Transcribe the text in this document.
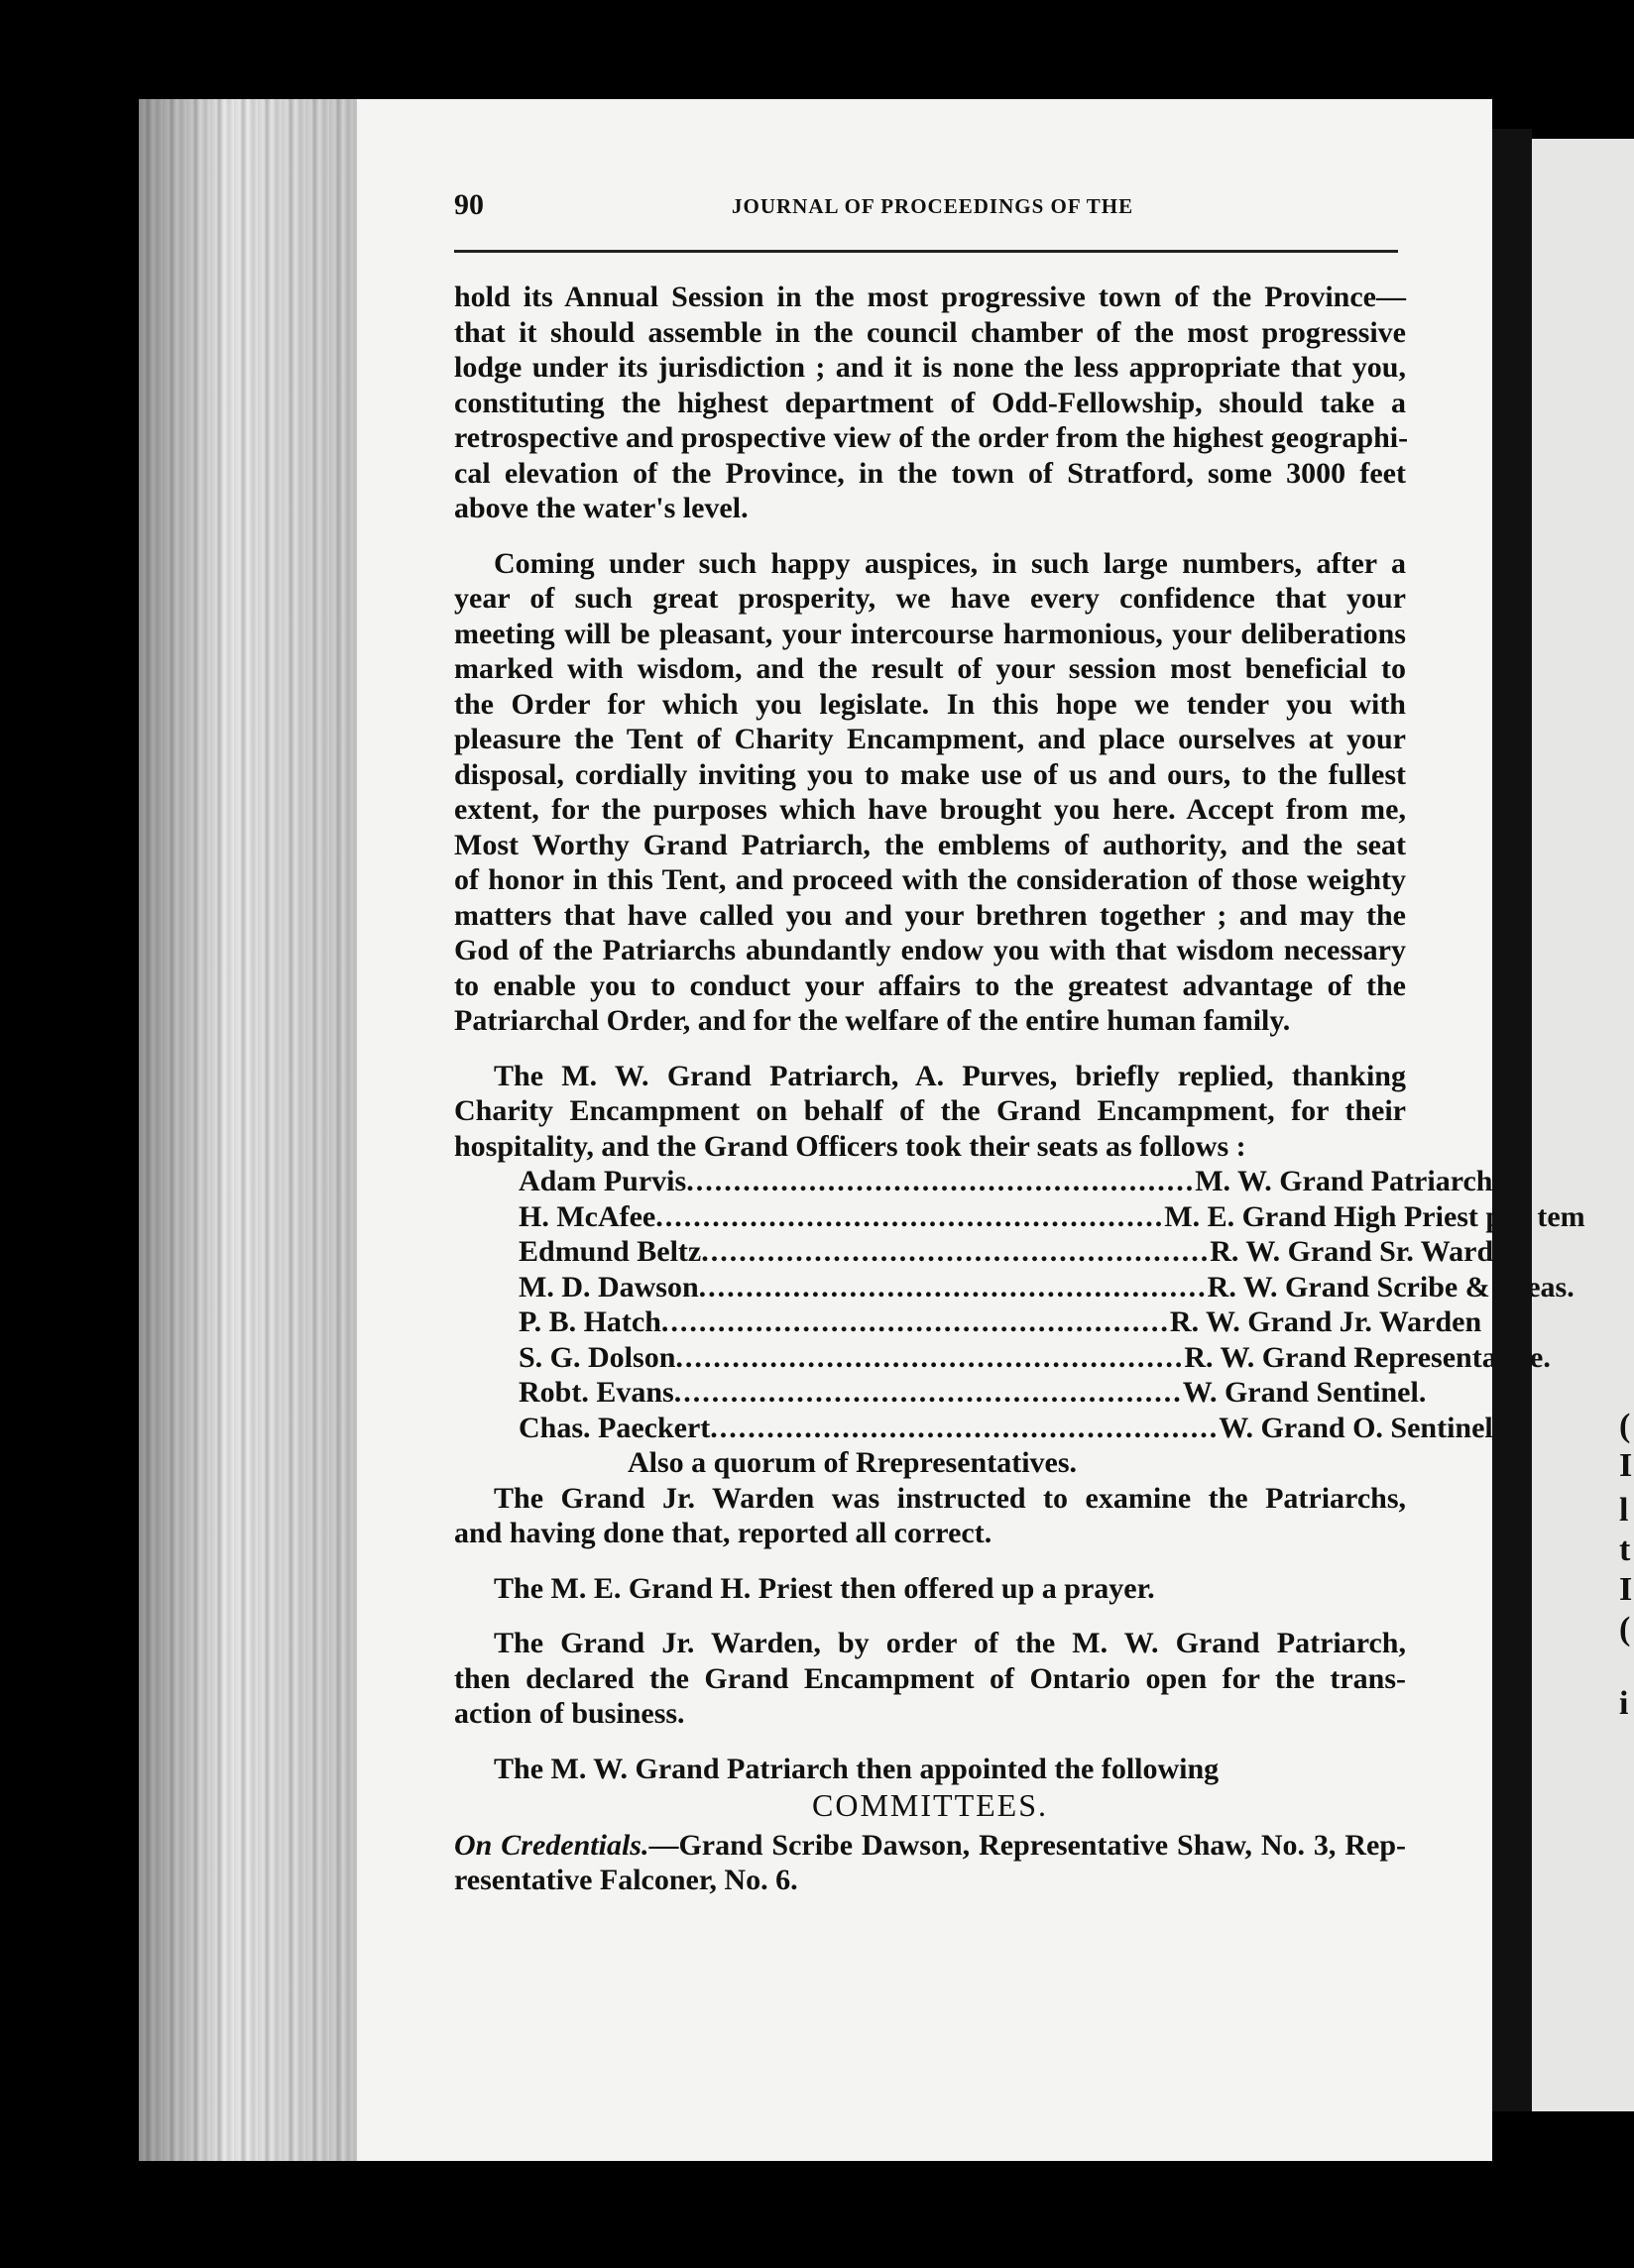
(
I
l
t
I
(
i
90	JOURNAL OF PROCEEDINGS OF THE
hold its Annual Session in the most progressive town of the Province—
that it should assemble in the council chamber of the most progressive
lodge under its jurisdiction ; and it is none the less appropriate that you,
constituting the highest department of Odd-Fellowship, should take a
retrospective and prospective view of the order from the highest geographi-
cal elevation of the Province, in the town of Stratford, some 3000 feet
above the water's level.
Coming under such happy auspices, in such large numbers, after a
year of such great prosperity, we have every confidence that your
meeting will be pleasant, your intercourse harmonious, your deliberations
marked with wisdom, and the result of your session most beneficial to
the Order for which you legislate. In this hope we tender you with
pleasure the Tent of Charity Encampment, and place ourselves at your
disposal, cordially inviting you to make use of us and ours, to the fullest
extent, for the purposes which have brought you here. Accept from me,
Most Worthy Grand Patriarch, the emblems of authority, and the seat
of honor in this Tent, and proceed with the consideration of those weighty
matters that have called you and your brethren together ; and may the
God of the Patriarchs abundantly endow you with that wisdom necessary
to enable you to conduct your affairs to the greatest advantage of the
Patriarchal Order, and for the welfare of the entire human family.
The M. W. Grand Patriarch, A. Purves, briefly replied, thanking
Charity Encampment on behalf of the Grand Encampment, for their
hospitality, and the Grand Officers took their seats as follows :
Adam Purvis ...................................................... M. W. Grand Patriarch.
H. McAfee ...................................................... M. E. Grand High Priest pro tem
Edmund Beltz ...................................................... R. W. Grand Sr. Warden.
M. D. Dawson ...................................................... R. W. Grand Scribe & Treas.
P. B. Hatch ...................................................... R. W. Grand Jr. Warden
S. G. Dolson ...................................................... R. W. Grand Representative.
Robt. Evans ...................................................... W. Grand Sentinel.
Chas. Paeckert ...................................................... W. Grand O. Sentinel.
Also a quorum of Rrepresentatives.
The Grand Jr. Warden was instructed to examine the Patriarchs,
and having done that, reported all correct.
The M. E. Grand H. Priest then offered up a prayer.
The Grand Jr. Warden, by order of the M. W. Grand Patriarch,
then declared the Grand Encampment of Ontario open for the trans-
action of business.
The M. W. Grand Patriarch then appointed the following
COMMITTEES.
On Credentials.—Grand Scribe Dawson, Representative Shaw, No. 3, Rep-
resentative Falconer, No. 6.
